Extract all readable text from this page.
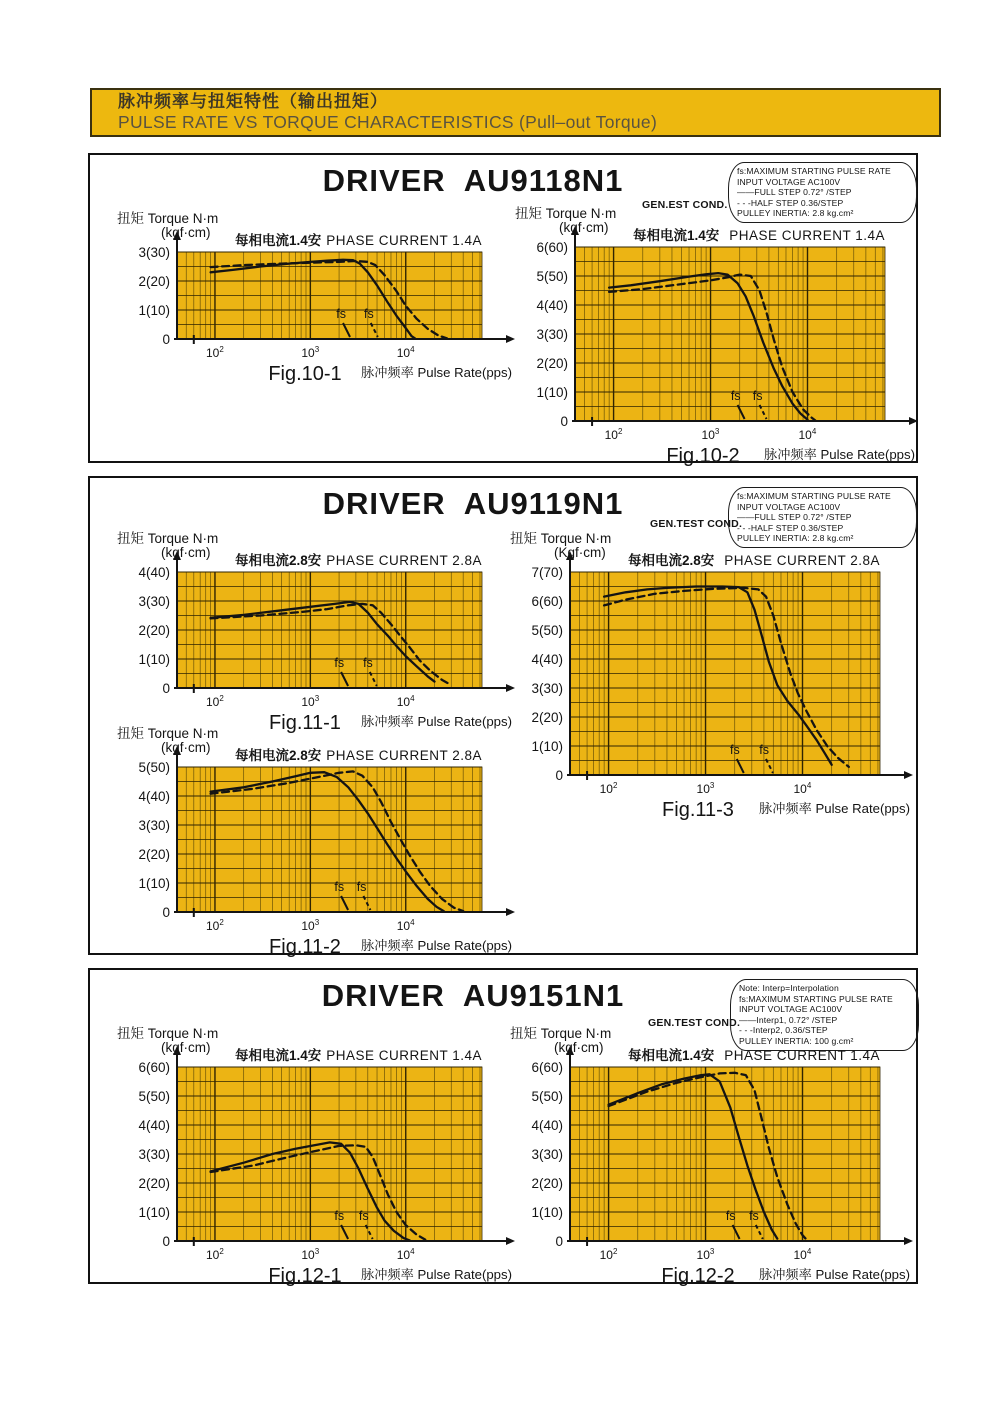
脉冲频率与扭矩特性（输出扭矩）
PULSE RATE VS TORQUE CHARACTERISTICS (Pull–out Torque)
DRIVER  AU9118N1
GEN.EST COND.
fs:MAXIMUM STARTING PULSE RATE
INPUT VOLTAGE AC100V
——FULL STEP 0.72° /STEP
- - -HALF STEP 0.36/STEP
PULLEY INERTIA: 2.8 kg.cm²
fs fs
0
1(10)
2(20)
3(30)
$10^2$	$10^3$	$10^4$
扭矩 Torque N·m
(kgf·cm)
每相电流1.4安 PHASE CURRENT 1.4A
Fig.10-1 脉冲频率 Pulse Rate(pps)
fs fs
0
1(10)
2(20)
3(30)
4(40)
5(50)
6(60)
$10^2$	$10^3$	$10^4$
扭矩 Torque N·m
(kgf·cm)
每相电流1.4安 PHASE CURRENT 1.4A
Fig.10-2 脉冲频率 Pulse Rate(pps)
DRIVER  AU9119N1
GEN.TEST COND.
fs:MAXIMUM STARTING PULSE RATE
INPUT VOLTAGE AC100V
——FULL STEP 0.72° /STEP
- - -HALF STEP 0.36/STEP
PULLEY INERTIA: 2.8 kg.cm²
fs fs
0
1(10)
2(20)
3(30)
4(40)
$10^2$	$10^3$	$10^4$
扭矩 Torque N·m
(kgf·cm)
每相电流2.8安 PHASE CURRENT 2.8A
Fig.11-1 脉冲频率 Pulse Rate(pps)
fs fs
0
1(10)
2(20)
3(30)
4(40)
5(50)
$10^2$	$10^3$	$10^4$
扭矩 Torque N·m
(kgf·cm)
每相电流2.8安 PHASE CURRENT 2.8A
Fig.11-2 脉冲频率 Pulse Rate(pps)
fs fs
0
1(10)
2(20)
3(30)
4(40)
5(50)
6(60)
7(70)
$10^2$	$10^3$	$10^4$
扭矩 Torque N·m
(Kgf·cm)
每相电流2.8安 PHASE CURRENT 2.8A
Fig.11-3 脉冲频率 Pulse Rate(pps)
DRIVER  AU9151N1
GEN.TEST COND.
Note: Interp=Interpolation
fs:MAXIMUM STARTING PULSE RATE
INPUT VOLTAGE AC100V
——Interp1, 0.72° /STEP
- - -Interp2, 0.36/STEP
PULLEY INERTIA: 100 g.cm²
fs fs
0
1(10)
2(20)
3(30)
4(40)
5(50)
6(60)
$10^2$	$10^3$	$10^4$
扭矩 Torque N·m
(kgf·cm)
每相电流1.4安 PHASE CURRENT 1.4A
Fig.12-1 脉冲频率 Pulse Rate(pps)
fs fs
0
1(10)
2(20)
3(30)
4(40)
5(50)
6(60)
$10^2$	$10^3$	$10^4$
扭矩 Torque N·m
(kgf·cm)
每相电流1.4安 PHASE CURRENT 1.4A
Fig.12-2 脉冲频率 Pulse Rate(pps)
